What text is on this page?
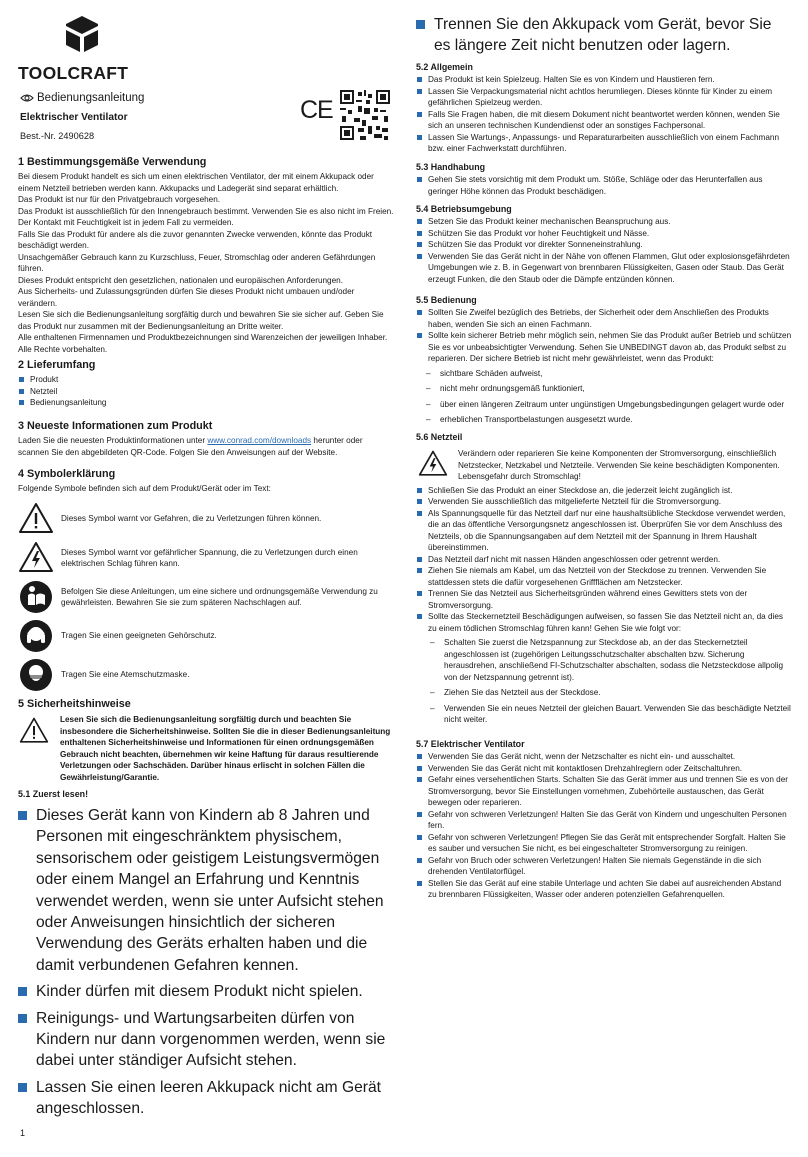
TOOLCRAFT
Bedienungsanleitung
Elektrischer Ventilator
Best.-Nr. 2490628
CE
1 Bestimmungsgemäße Verwendung

Bei diesem Produkt handelt es sich um einen elektrischen Ventilator, der mit einem Akkupack oder einem Netzteil betrieben werden kann. Akkupacks und Ladegerät sind separat erhältlich.

Das Produkt ist nur für den Privatgebrauch vorgesehen.

Das Produkt ist ausschließlich für den Innengebrauch bestimmt. Verwenden Sie es also nicht im Freien. Der Kontakt mit Feuchtigkeit ist in jedem Fall zu vermeiden.

Falls Sie das Produkt für andere als die zuvor genannten Zwecke verwenden, könnte das Produkt beschädigt werden.

Unsachgemäßer Gebrauch kann zu Kurzschluss, Feuer, Stromschlag oder anderen Gefährdungen führen.

Dieses Produkt entspricht den gesetzlichen, nationalen und europäischen Anforderungen.

Aus Sicherheits- und Zulassungsgründen dürfen Sie dieses Produkt nicht umbauen und/oder verändern.

Lesen Sie sich die Bedienungsanleitung sorgfältig durch und bewahren Sie sie sicher auf. Geben Sie das Produkt nur zusammen mit der Bedienungsanleitung an Dritte weiter.

Alle enthaltenen Firmennamen und Produktbezeichnungen sind Warenzeichen der jeweiligen Inhaber. Alle Rechte vorbehalten.

2 Lieferumfang
Produkt
Netzteil
Bedienungsanleitung
3 Neueste Informationen zum Produkt

Laden Sie die neuesten Produktinformationen unter www.conrad.com/downloads herunter oder scannen Sie den abgebildeten QR-Code. Folgen Sie den Anweisungen auf der Website.

4 Symbolerklärung

Folgende Symbole befinden sich auf dem Produkt/Gerät oder im Text:

Dieses Symbol warnt vor Gefahren, die zu Verletzungen führen können.
Dieses Symbol warnt vor gefährlicher Spannung, die zu Verletzungen durch einen elektrischen Schlag führen kann.
Befolgen Sie diese Anleitungen, um eine sichere und ordnungsgemäße Verwendung zu gewährleisten. Bewahren Sie sie zum späteren Nachschlagen auf.
Tragen Sie einen geeigneten Gehörschutz.
Tragen Sie eine Atemschutzmaske.
5 Sicherheitshinweise

Lesen Sie sich die Bedienungsanleitung sorgfältig durch und beachten Sie insbesondere die Sicherheitshinweise. Sollten Sie die in dieser Bedienungsanleitung enthaltenen Sicherheitshinweise und Informationen für einen ordnungsgemäßen Gebrauch nicht beachten, übernehmen wir keine Haftung für daraus resultierende Verletzungen oder Sachschäden. Darüber hinaus erlischt in solchen Fällen die Gewährleistung/Garantie.

5.1 Zuerst lesen!
Dieses Gerät kann von Kindern ab 8 Jahren und Personen mit eingeschränktem physischem, sensorischem oder geistigem Leistungsvermögen oder einem Mangel an Erfahrung und Kenntnis verwendet werden, wenn sie unter Aufsicht stehen oder Anweisungen hinsichtlich der sicheren Verwendung des Geräts erhalten haben und die damit verbundenen Gefahren kennen.
Kinder dürfen mit diesem Produkt nicht spielen.
Reinigungs- und Wartungsarbeiten dürfen von Kindern nur dann vorgenommen werden, wenn sie dabei unter ständiger Aufsicht stehen.
Lassen Sie einen leeren Akkupack nicht am Gerät angeschlossen.
1
Trennen Sie den Akkupack vom Gerät, bevor Sie es längere Zeit nicht benutzen oder lagern.
5.2 Allgemein
Das Produkt ist kein Spielzeug. Halten Sie es von Kindern und Haustieren fern.
Lassen Sie Verpackungsmaterial nicht achtlos herumliegen. Dieses könnte für Kinder zu einem gefährlichen Spielzeug werden.
Falls Sie Fragen haben, die mit diesem Dokument nicht beantwortet werden können, wenden Sie sich an unseren technischen Kundendienst oder an sonstiges Fachpersonal.
Lassen Sie Wartungs-, Anpassungs- und Reparaturarbeiten ausschließlich von einem Fachmann bzw. einer Fachwerkstatt durchführen.
5.3 Handhabung
Gehen Sie stets vorsichtig mit dem Produkt um. Stöße, Schläge oder das Herunterfallen aus geringer Höhe können das Produkt beschädigen.
5.4 Betriebsumgebung
Setzen Sie das Produkt keiner mechanischen Beanspruchung aus.
Schützen Sie das Produkt vor hoher Feuchtigkeit und Nässe.
Schützen Sie das Produkt vor direkter Sonneneinstrahlung.
Verwenden Sie das Gerät nicht in der Nähe von offenen Flammen, Glut oder explosionsgefährdeten Umgebungen wie z. B. in Gegenwart von brennbaren Flüssigkeiten, Gasen oder Staub. Das Gerät erzeugt Funken, die den Staub oder die Dämpfe entzünden können.
5.5 Bedienung
Sollten Sie Zweifel bezüglich des Betriebs, der Sicherheit oder dem Anschließen des Produkts haben, wenden Sie sich an einen Fachmann.
Sollte kein sicherer Betrieb mehr möglich sein, nehmen Sie das Produkt außer Betrieb und schützen Sie es vor unbeabsichtigter Verwendung. Sehen Sie UNBEDINGT davon ab, das Produkt selbst zu reparieren. Der sichere Betrieb ist nicht mehr gewährleistet, wenn das Produkt:
– sichtbare Schäden aufweist,
– nicht mehr ordnungsgemäß funktioniert,
– über einen längeren Zeitraum unter ungünstigen Umgebungsbedingungen gelagert wurde oder
– erheblichen Transportbelastungen ausgesetzt wurde.
5.6 Netzteil

Verändern oder reparieren Sie keine Komponenten der Stromversorgung, einschließlich Netzstecker, Netzkabel und Netzteile. Verwenden Sie keine beschädigten Komponenten. Lebensgefahr durch Stromschlag!

Schließen Sie das Produkt an einer Steckdose an, die jederzeit leicht zugänglich ist.
Verwenden Sie ausschließlich das mitgelieferte Netzteil für die Stromversorgung.
Als Spannungsquelle für das Netzteil darf nur eine haushaltsübliche Steckdose verwendet werden, die an das öffentliche Versorgungsnetz angeschlossen ist. Überprüfen Sie vor dem Anschluss des Netzteils, ob die Spannungsangaben auf dem Netzteil mit der Spannung in Ihrem Haushalt übereinstimmen.
Das Netzteil darf nicht mit nassen Händen angeschlossen oder getrennt werden.
Ziehen Sie niemals am Kabel, um das Netzteil von der Steckdose zu trennen. Verwenden Sie stattdessen stets die dafür vorgesehenen Griffflächen am Netzstecker.
Trennen Sie das Netzteil aus Sicherheitsgründen während eines Gewitters stets von der Stromversorgung.
Sollte das Steckernetzteil Beschädigungen aufweisen, so fassen Sie das Netzteil nicht an, da dies zu einem tödlichen Stromschlag führen kann! Gehen Sie wie folgt vor:
– Schalten Sie zuerst die Netzspannung zur Steckdose ab, an der das Steckernetzteil angeschlossen ist (zugehörigen Leitungsschutzschalter abschalten bzw. Sicherung herausdrehen, anschließend FI-Schutzschalter abschalten, sodass die Netzsteckdose allpolig von der Netzspannung getrennt ist).
– Ziehen Sie das Netzteil aus der Steckdose.
– Verwenden Sie ein neues Netzteil der gleichen Bauart. Verwenden Sie das beschädigte Netzteil nicht weiter.
5.7 Elektrischer Ventilator
Verwenden Sie das Gerät nicht, wenn der Netzschalter es nicht ein- und ausschaltet.
Verwenden Sie das Gerät nicht mit kontaktlosen Drehzahlreglern oder Zeitschaltuhren.
Gefahr eines versehentlichen Starts. Schalten Sie das Gerät immer aus und trennen Sie es von der Stromversorgung, bevor Sie Einstellungen vornehmen, Zubehörteile austauschen, das Gerät bewegen oder reparieren.
Gefahr von schweren Verletzungen! Halten Sie das Gerät von Kindern und ungeschulten Personen fern.
Gefahr von schweren Verletzungen! Pflegen Sie das Gerät mit entsprechender Sorgfalt. Halten Sie es sauber und versuchen Sie nicht, es bei eingeschalteter Stromversorgung zu reinigen.
Gefahr von Bruch oder schweren Verletzungen! Halten Sie niemals Gegenstände in die sich drehenden Ventilatorflügel.
Stellen Sie das Gerät auf eine stabile Unterlage und achten Sie dabei auf ausreichenden Abstand zu brennbaren Flüssigkeiten, Wasser oder anderen potenziellen Gefahrenquellen.
